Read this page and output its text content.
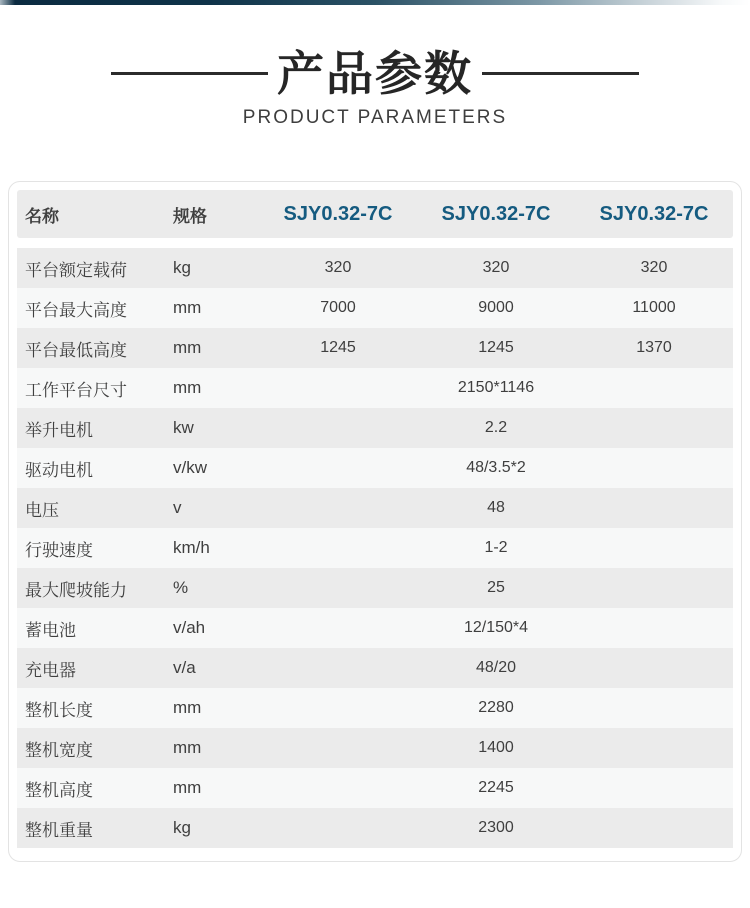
产品参数
PRODUCT PARAMETERS
名称	规格	SJY0.32-7C	SJY0.32-7C	SJY0.32-7C
平台额定载荷	kg	320	320	320
平台最大高度	mm	7000	9000	11000
平台最低高度	mm	1245	1245	1370
工作平台尺寸	mm	2150*1146
举升电机	kw	2.2
驱动电机	v/kw	48/3.5*2
电压	v	48
行驶速度	km/h	1-2
最大爬坡能力	%	25
蓄电池	v/ah	12/150*4
充电器	v/a	48/20
整机长度	mm	2280
整机宽度	mm	1400
整机高度	mm	2245
整机重量	kg	2300
